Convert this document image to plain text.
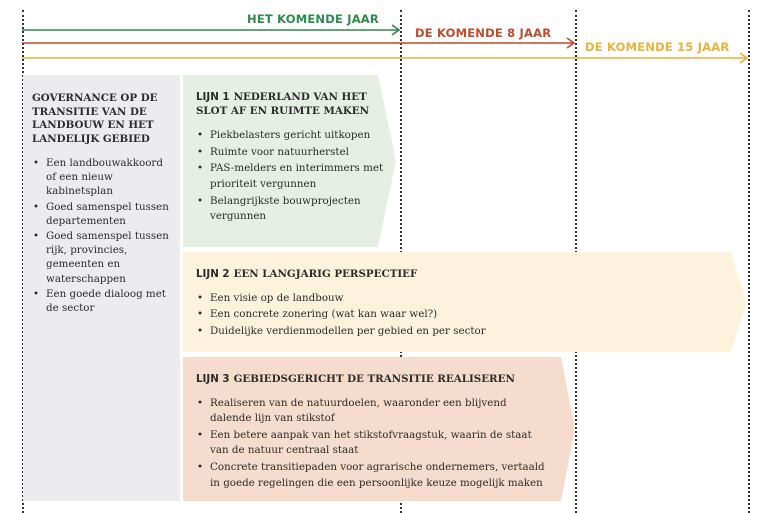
HET KOMENDE JAAR
DE KOMENDE 8 JAAR
DE KOMENDE 15 JAAR
GOVERNANCE OP DE TRANSITIE VAN DE LANDBOUW EN HET LANDELIJK GEBIED
• Een landbouwakkoord of een nieuw kabinetsplan
• Goed samenspel tussen departementen
• Goed samenspel tussen rijk, provincies, gemeenten en waterschappen
• Een goede dialoog met de sector
LIJN 1 NEDERLAND VAN HET SLOT AF EN RUIMTE MAKEN
• Piekbelasters gericht uitkopen
• Ruimte voor natuurherstel
• PAS-melders en interimmers met prioriteit vergunnen
• Belangrijkste bouwprojecten vergunnen
LIJN 2 EEN LANGJARIG PERSPECTIEF
• Een visie op de landbouw
• Een concrete zonering (wat kan waar wel?)
• Duidelijke verdienmodellen per gebied en per sector
LIJN 3 GEBIEDSGERICHT DE TRANSITIE REALISEREN
• Realiseren van de natuurdoelen, waaronder een blijvend dalende lijn van stikstof
• Een betere aanpak van het stikstofvraagstuk, waarin de staat van de natuur centraal staat
• Concrete transitiepaden voor agrarische ondernemers, vertaald in goede regelingen die een persoonlijke keuze mogelijk maken
